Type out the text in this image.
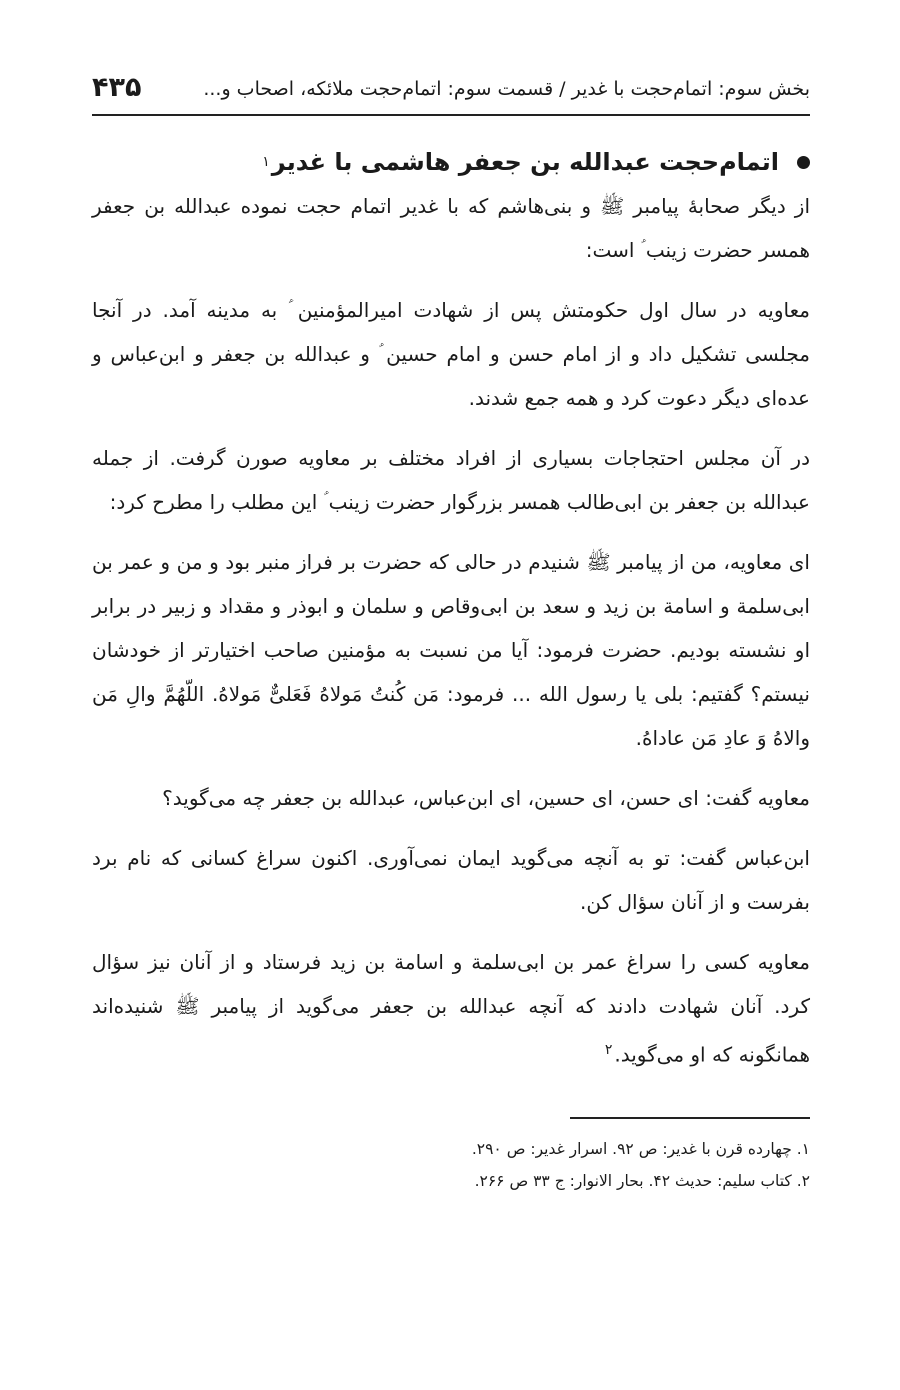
بخش سوم: اتمام‌حجت با غدیر / قسمت سوم: اتمام‌حجت ملائکه، اصحاب و...
۴۳۵
اتمام‌حجت عبدالله بن جعفر هاشمی با غدیر
۱

از دیگر صحابهٔ پیامبر ﷺ و بنی‌هاشم که با غدیر اتمام حجت نموده عبدالله بن جعفر همسر حضرت زینب ؑ است:

معاویه در سال اول حکومتش پس از شهادت امیرالمؤمنین ؑ به مدینه آمد. در آنجا مجلسی تشکیل داد و از امام حسن و امام حسین ؑ و عبدالله بن جعفر و ابن‌عباس و عده‌ای دیگر دعوت کرد و همه جمع شدند.

در آن مجلس احتجاجات بسیاری از افراد مختلف بر معاویه صورن گرفت. از جمله عبدالله بن جعفر بن ابی‌طالب همسر بزرگوار حضرت زینب ؑ این مطلب را مطرح کرد:

ای معاویه، من از پیامبر ﷺ شنیدم در حالی که حضرت بر فراز منبر بود و من و عمر بن ابی‌سلمة و اسامة بن زید و سعد بن ابی‌وقاص و سلمان و ابوذر و مقداد و زبیر در برابر او نشسته بودیم. حضرت فرمود: آیا من نسبت به مؤمنین صاحب اختیارتر از خودشان نیستم؟ گفتیم: بلی یا رسول الله ... فرمود: مَن کُنتُ مَولاهُ فَعَلیٌّ مَولاهُ. اللّهُمَّ والِ مَن والاهُ وَ عادِ مَن عاداهُ.

معاویه گفت: ای حسن، ای حسین، ای ابن‌عباس، عبدالله بن جعفر چه می‌گوید؟

ابن‌عباس گفت: تو به آنچه می‌گوید ایمان نمی‌آوری. اکنون سراغ کسانی که نام برد بفرست و از آنان سؤال کن.

معاویه کسی را سراغ عمر بن ابی‌سلمة و اسامة بن زید فرستاد و از آنان نیز سؤال کرد. آنان شهادت دادند که آنچه عبدالله بن جعفر می‌گوید از پیامبر ﷺ شنیده‌اند همانگونه که او می‌گوید.$^۲$

۱. چهارده قرن با غدیر: ص ۹۲. اسرار غدیر: ص ۲۹۰.
۲. کتاب سلیم: حدیث ۴۲. بحار الانوار: ج ۳۳ ص ۲۶۶.
